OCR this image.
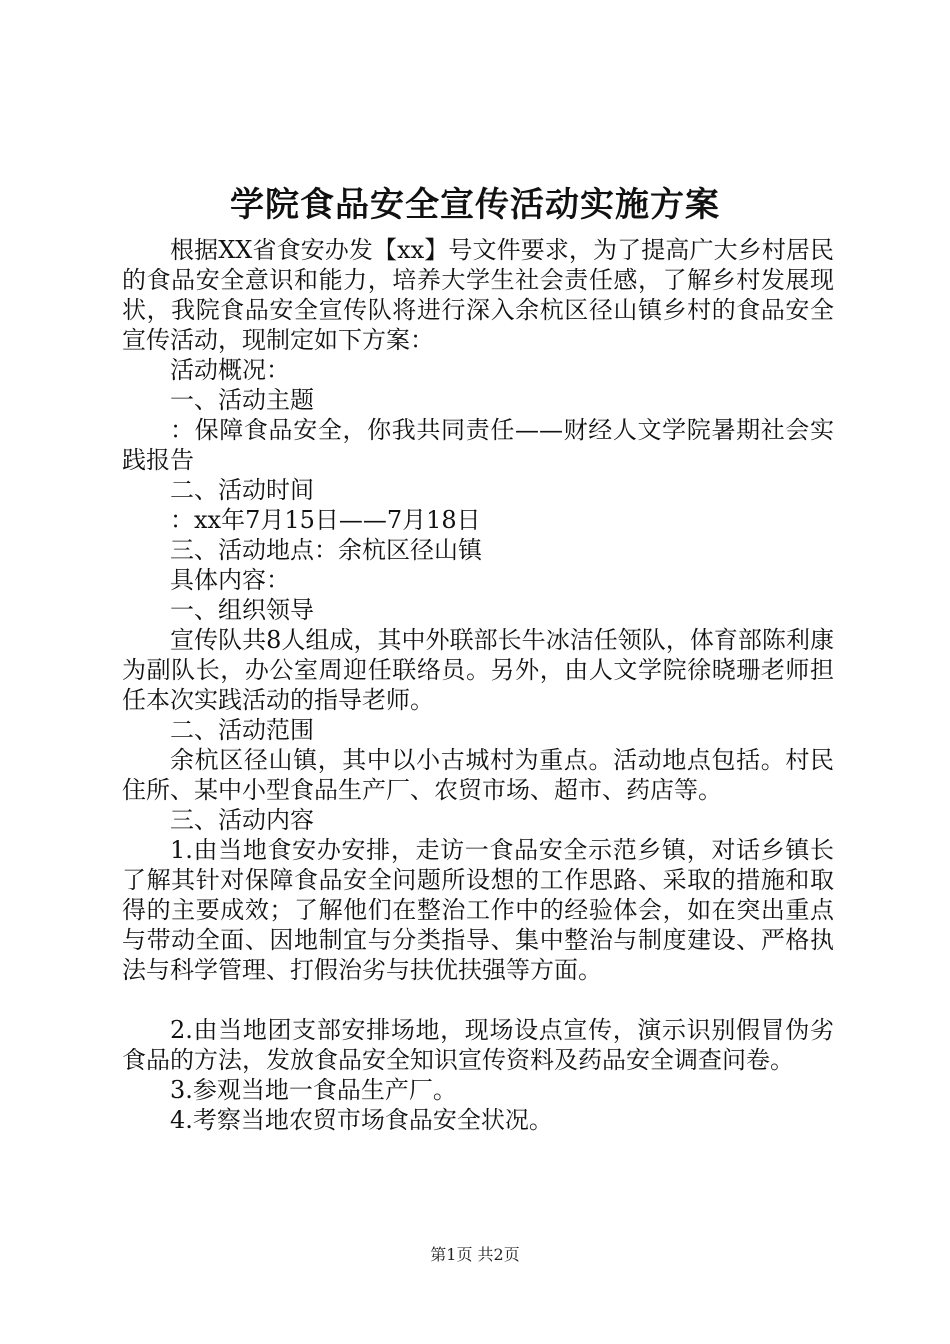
学院食品安全宣传活动实施方案

根据XX省食安办发【xx】号文件要求，为了提高广大乡村居民的食品安全意识和能力，培养大学生社会责任感，了解乡村发展现状，我院食品安全宣传队将进行深入余杭区径山镇乡村的食品安全宣传活动，现制定如下方案：

活动概况：

一、活动主题

：保障食品安全，你我共同责任——财经人文学院暑期社会实践报告

二、活动时间

：xx年7月15日——7月18日

三、活动地点：余杭区径山镇

具体内容：

一、组织领导

宣传队共8人组成，其中外联部长牛冰洁任领队，体育部陈利康为副队长，办公室周迎任联络员。另外，由人文学院徐晓珊老师担任本次实践活动的指导老师。

二、活动范围

余杭区径山镇，其中以小古城村为重点。活动地点包括。村民住所、某中小型食品生产厂、农贸市场、超市、药店等。

三、活动内容

1.由当地食安办安排，走访一食品安全示范乡镇，对话乡镇长了解其针对保障食品安全问题所设想的工作思路、采取的措施和取得的主要成效；了解他们在整治工作中的经验体会，如在突出重点与带动全面、因地制宜与分类指导、集中整治与制度建设、严格执法与科学管理、打假治劣与扶优扶强等方面。

2.由当地团支部安排场地，现场设点宣传，演示识别假冒伪劣食品的方法，发放食品安全知识宣传资料及药品安全调查问卷。

3.参观当地一食品生产厂。

4.考察当地农贸市场食品安全状况。

第1页 共2页
